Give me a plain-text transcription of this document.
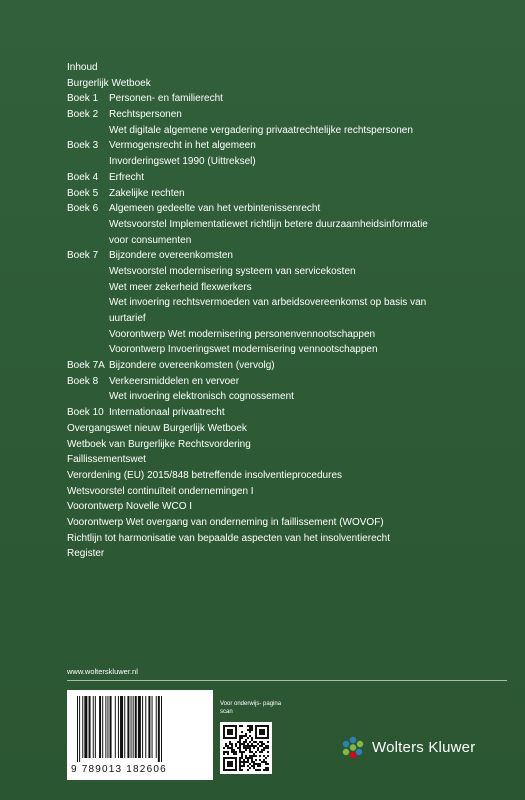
Inhoud
Burgerlijk Wetboek
Boek 1 Personen- en familierecht
Boek 2 Rechtspersonen
Wet digitale algemene vergadering privaatrechtelijke rechtspersonen
Boek 3 Vermogensrecht in het algemeen
Invorderingswet 1990 (Uittreksel)
Boek 4 Erfrecht
Boek 5 Zakelijke rechten
Boek 6 Algemeen gedeelte van het verbintenissenrecht
Wetsvoorstel Implementatiewet richtlijn betere duurzaamheidsinformatie
voor consumenten
Boek 7 Bijzondere overeenkomsten
Wetsvoorstel modernisering systeem van servicekosten
Wet meer zekerheid flexwerkers
Wet invoering rechtsvermoeden van arbeidsovereenkomst op basis van
uurtarief
Voorontwerp Wet modernisering personenvennootschappen
Voorontwerp Invoeringswet modernisering vennootschappen
Boek 7A Bijzondere overeenkomsten (vervolg)
Boek 8 Verkeersmiddelen en vervoer
Wet invoering elektronisch cognossement
Boek 10 Internationaal privaatrecht
Overgangswet nieuw Burgerlijk Wetboek
Wetboek van Burgerlijke Rechtsvordering
Faillissementswet
Verordening (EU) 2015/848 betreffende insolventieprocedures
Wetsvoorstel continuïteit ondernemingen I
Voorontwerp Novelle WCO I
Voorontwerp Wet overgang van onderneming in faillissement (WOVOF)
Richtlijn tot harmonisatie van bepaalde aspecten van het insolventierecht
Register
www.wolterskluwer.nl
9 789013 182606
Voor onderwijs- pagina scan
Wolters Kluwer
